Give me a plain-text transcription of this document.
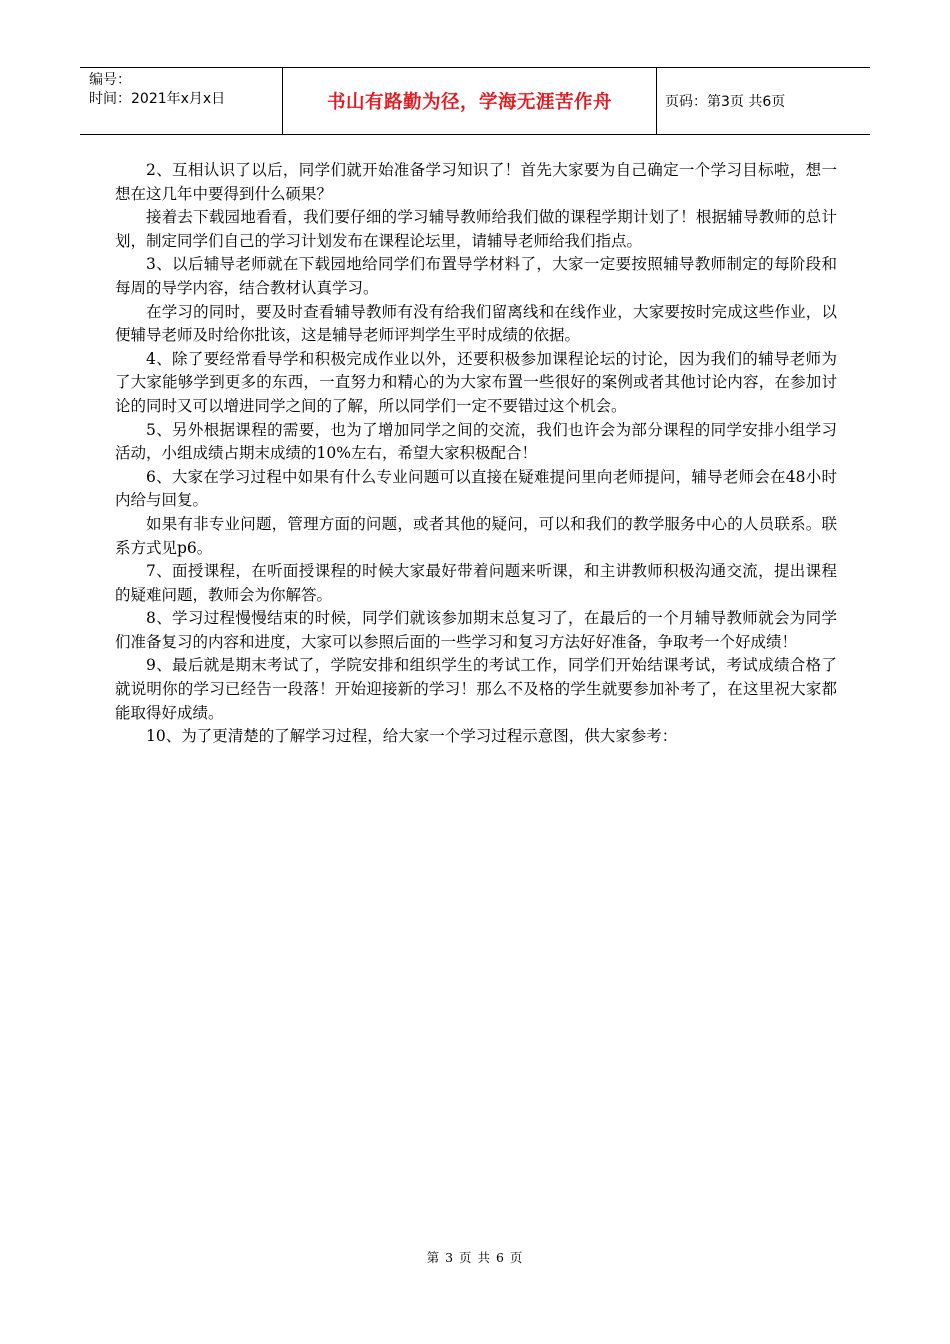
编号：
时间：2021年x月x日	书山有路勤为径，学海无涯苦作舟	页码：第3页 共6页

2、互相认识了以后，同学们就开始准备学习知识了！首先大家要为自己确定一个学习目标啦，想一想在这几年中要得到什么硕果？

接着去下载园地看看，我们要仔细的学习辅导教师给我们做的课程学期计划了！根据辅导教师的总计划，制定同学们自己的学习计划发布在课程论坛里，请辅导老师给我们指点。

3、以后辅导老师就在下载园地给同学们布置导学材料了，大家一定要按照辅导教师制定的每阶段和每周的导学内容，结合教材认真学习。

在学习的同时，要及时查看辅导教师有没有给我们留离线和在线作业，大家要按时完成这些作业，以便辅导老师及时给你批该，这是辅导老师评判学生平时成绩的依据。

4、除了要经常看导学和积极完成作业以外，还要积极参加课程论坛的讨论，因为我们的辅导老师为了大家能够学到更多的东西，一直努力和精心的为大家布置一些很好的案例或者其他讨论内容，在参加讨论的同时又可以增进同学之间的了解，所以同学们一定不要错过这个机会。

5、另外根据课程的需要，也为了增加同学之间的交流，我们也许会为部分课程的同学安排小组学习活动，小组成绩占期末成绩的10%左右，希望大家积极配合！

6、大家在学习过程中如果有什么专业问题可以直接在疑难提问里向老师提问，辅导老师会在48小时内给与回复。

如果有非专业问题，管理方面的问题，或者其他的疑问，可以和我们的教学服务中心的人员联系。联系方式见p6。

7、面授课程，在听面授课程的时候大家最好带着问题来听课，和主讲教师积极沟通交流，提出课程的疑难问题，教师会为你解答。

8、学习过程慢慢结束的时候，同学们就该参加期末总复习了，在最后的一个月辅导教师就会为同学们准备复习的内容和进度，大家可以参照后面的一些学习和复习方法好好准备，争取考一个好成绩！

9、最后就是期末考试了，学院安排和组织学生的考试工作，同学们开始结课考试，考试成绩合格了就说明你的学习已经告一段落！开始迎接新的学习！那么不及格的学生就要参加补考了，在这里祝大家都能取得好成绩。

10、为了更清楚的了解学习过程，给大家一个学习过程示意图，供大家参考：

第 3 页 共 6 页
